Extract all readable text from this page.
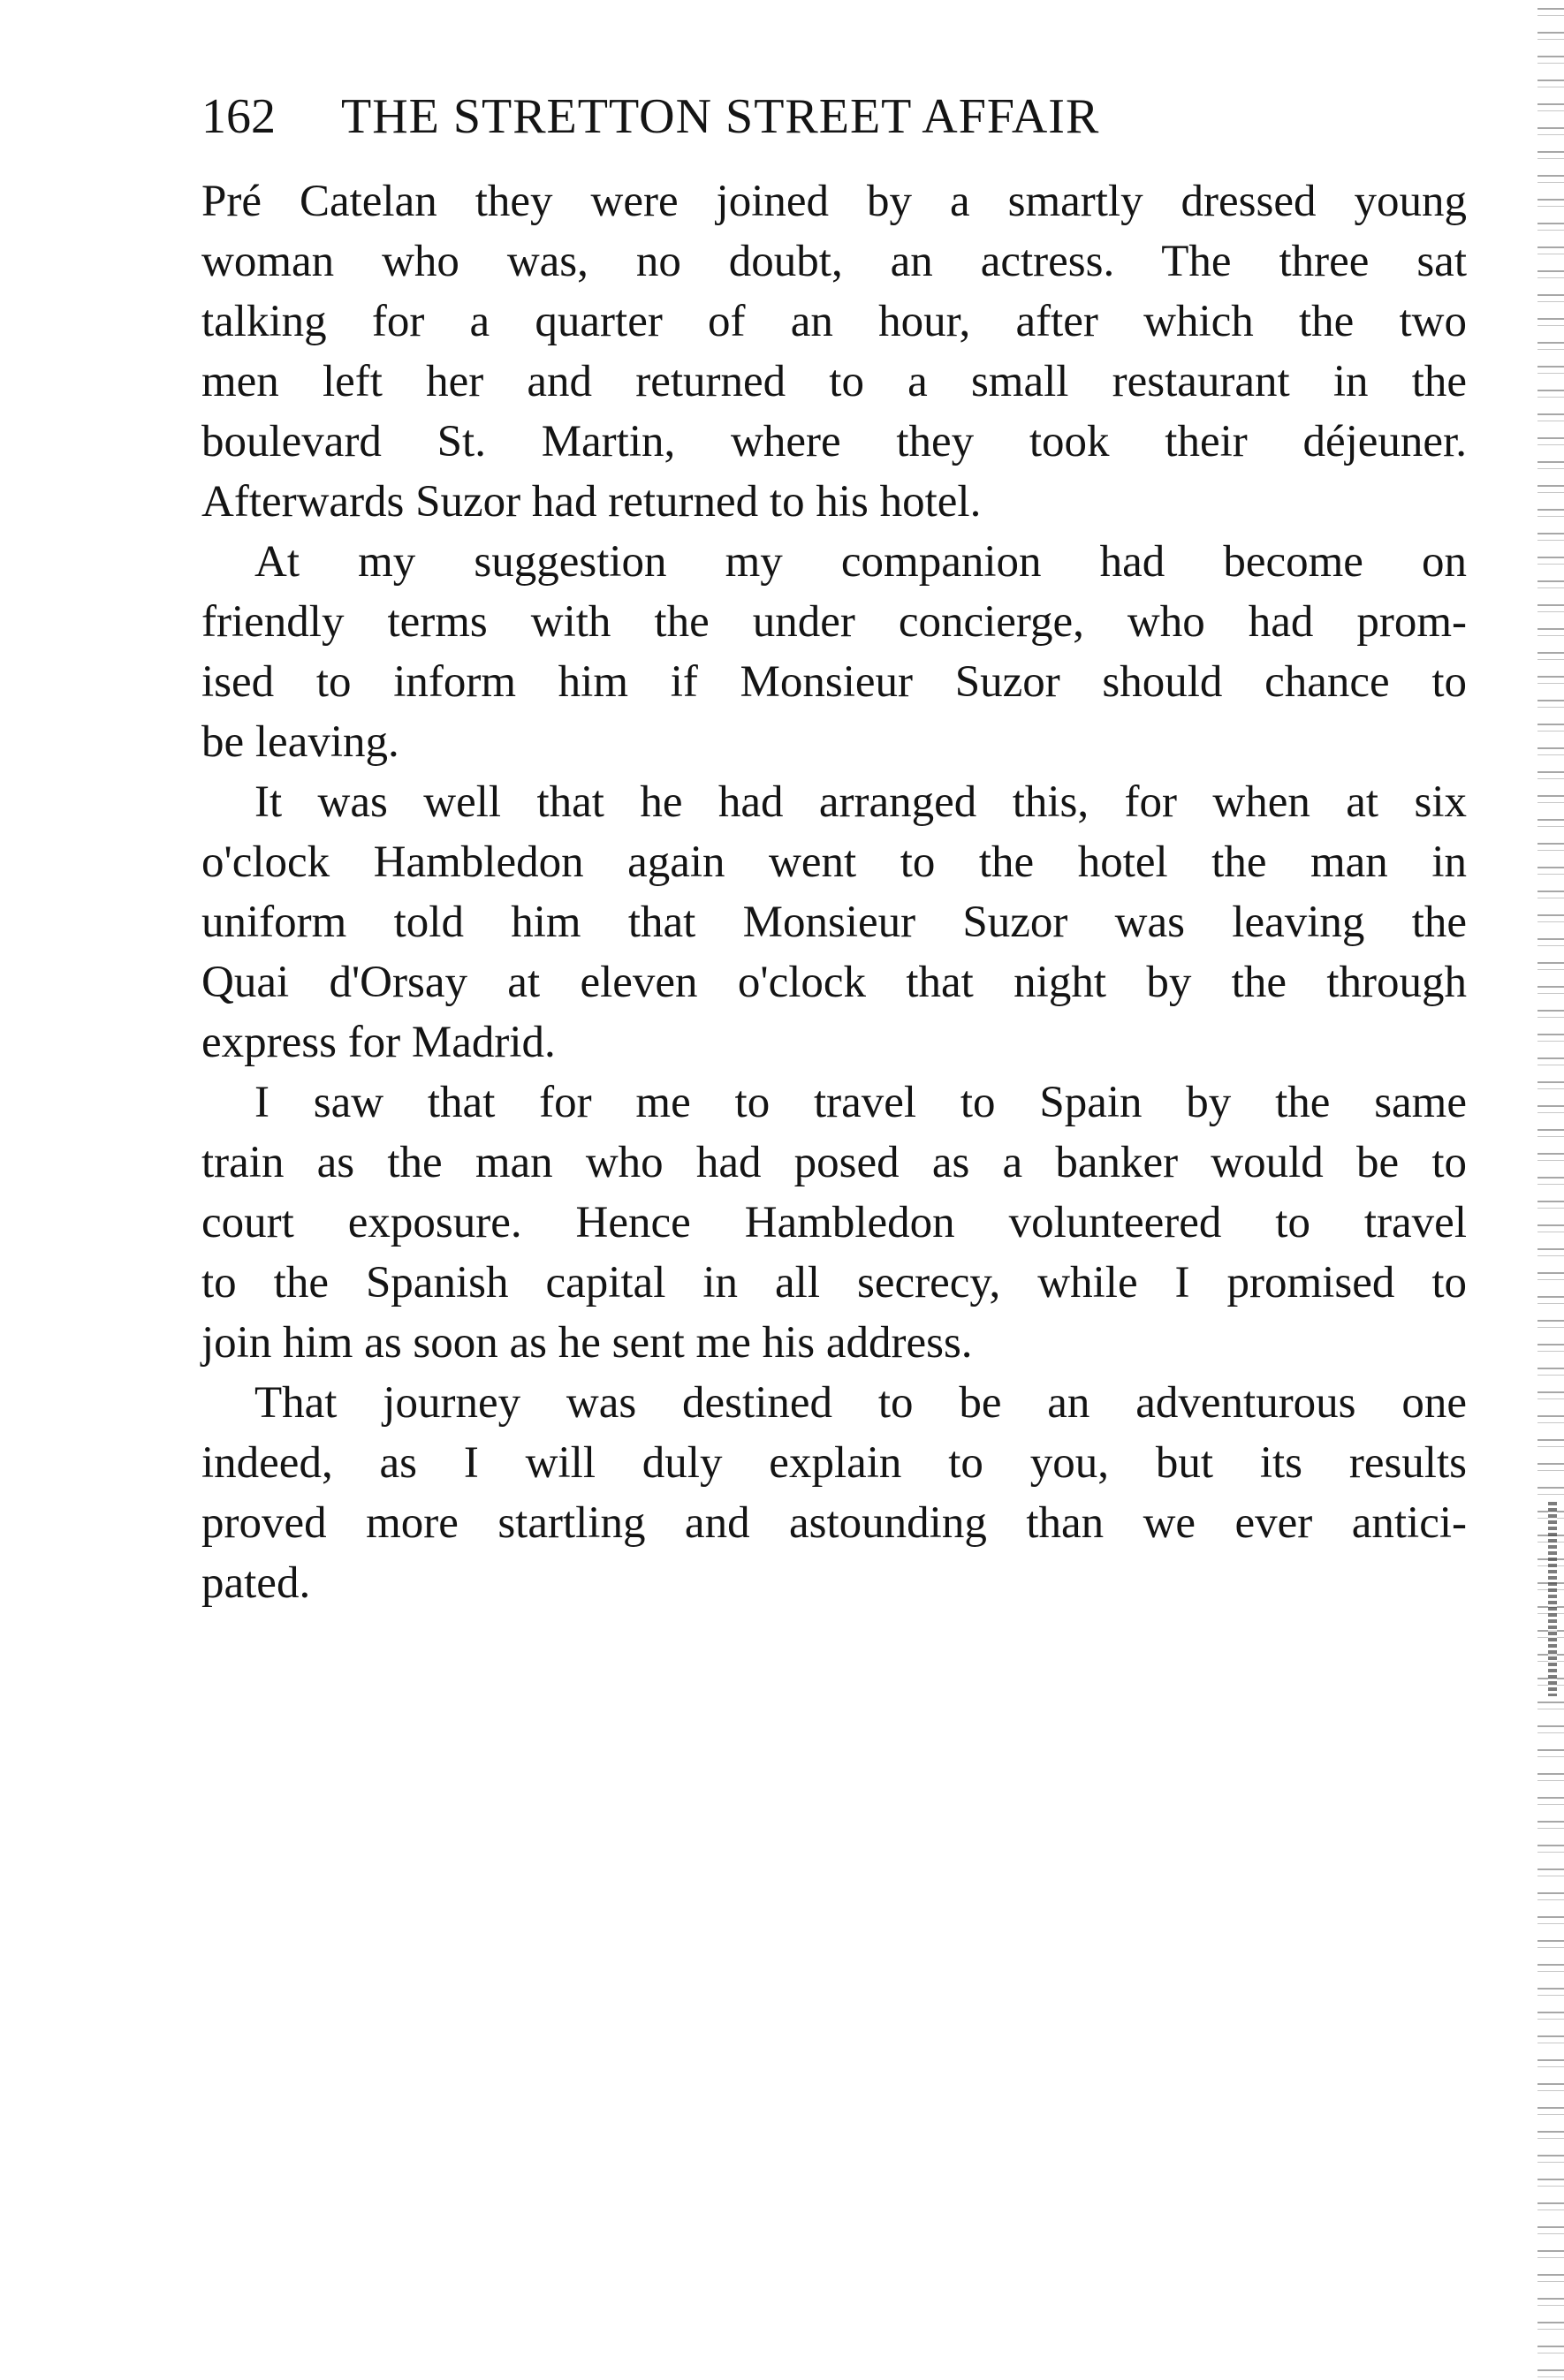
162 THE STRETTON STREET AFFAIR
Pré Catelan they were joined by a smartly dressed young
woman who was, no doubt, an actress. The three sat
talking for a quarter of an hour, after which the two
men left her and returned to a small restaurant in the
boulevard St. Martin, where they took their déjeuner.
Afterwards Suzor had returned to his hotel.
At my suggestion my companion had become on
friendly terms with the under concierge, who had prom-
ised to inform him if Monsieur Suzor should chance to
be leaving.
It was well that he had arranged this, for when at six
o'clock Hambledon again went to the hotel the man in
uniform told him that Monsieur Suzor was leaving the
Quai d'Orsay at eleven o'clock that night by the through
express for Madrid.
I saw that for me to travel to Spain by the same
train as the man who had posed as a banker would be to
court exposure. Hence Hambledon volunteered to travel
to the Spanish capital in all secrecy, while I promised to
join him as soon as he sent me his address.
That journey was destined to be an adventurous one
indeed, as I will duly explain to you, but its results
proved more startling and astounding than we ever antici-
pated.
